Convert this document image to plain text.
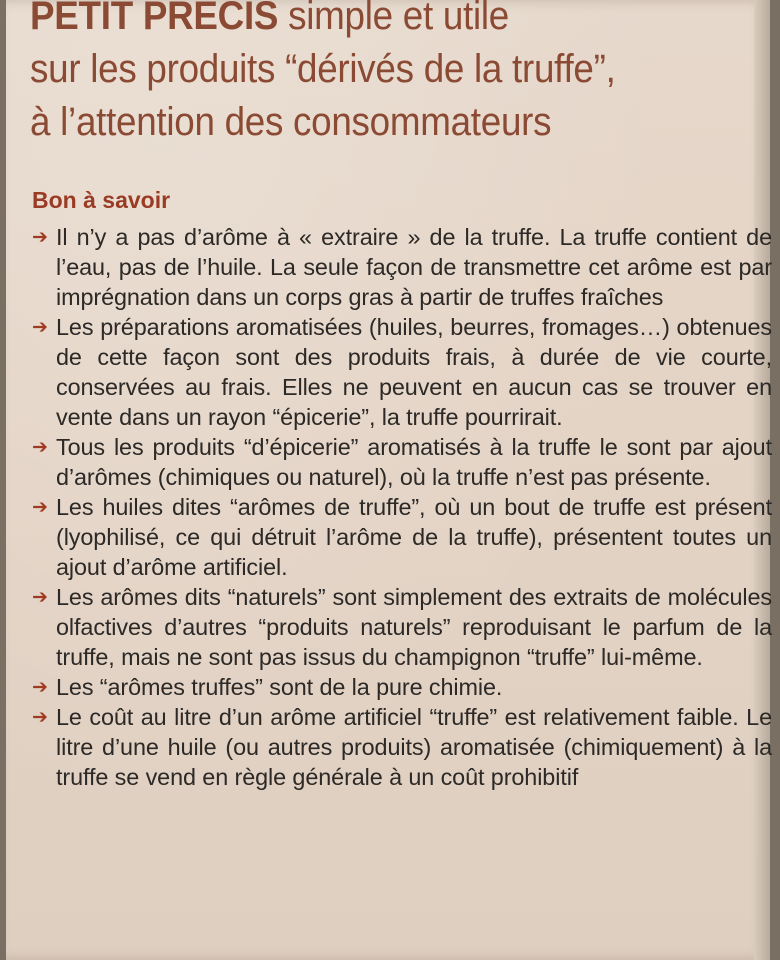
PETIT PRECIS simple et utile
sur les produits “dérivés de la truffe”,
à l’attention des consommateurs
Bon à savoir
➔ Il n’y a pas d’arôme à « extraire » de la truffe. La truffe contient de l’eau, pas de l’huile. La seule façon de transmettre cet arôme est par imprégnation dans un corps gras à partir de truffes fraîches
➔ Les préparations aromatisées (huiles, beurres, fromages…) obtenues de cette façon sont des produits frais, à durée de vie courte, conservées au frais. Elles ne peuvent en aucun cas se trouver en vente dans un rayon “épicerie”, la truffe pourrirait.
➔ Tous les produits “d’épicerie” aromatisés à la truffe le sont par ajout d’arômes (chimiques ou naturel), où la truffe n’est pas présente.
➔ Les huiles dites “arômes de truffe”, où un bout de truffe est présent (lyophilisé, ce qui détruit l’arôme de la truffe), présentent toutes un ajout d’arôme artificiel.
➔ Les arômes dits “naturels” sont simplement des extraits de molécules olfactives d’autres “produits naturels” reproduisant le parfum de la truffe, mais ne sont pas issus du champignon “truffe” lui-même.
➔ Les “arômes truffes” sont de la pure chimie.
➔ Le coût au litre d’un arôme artificiel “truffe” est relativement faible. Le litre d’une huile (ou autres produits) aromatisée (chimiquement) à la truffe se vend en règle générale à un coût prohibitif
